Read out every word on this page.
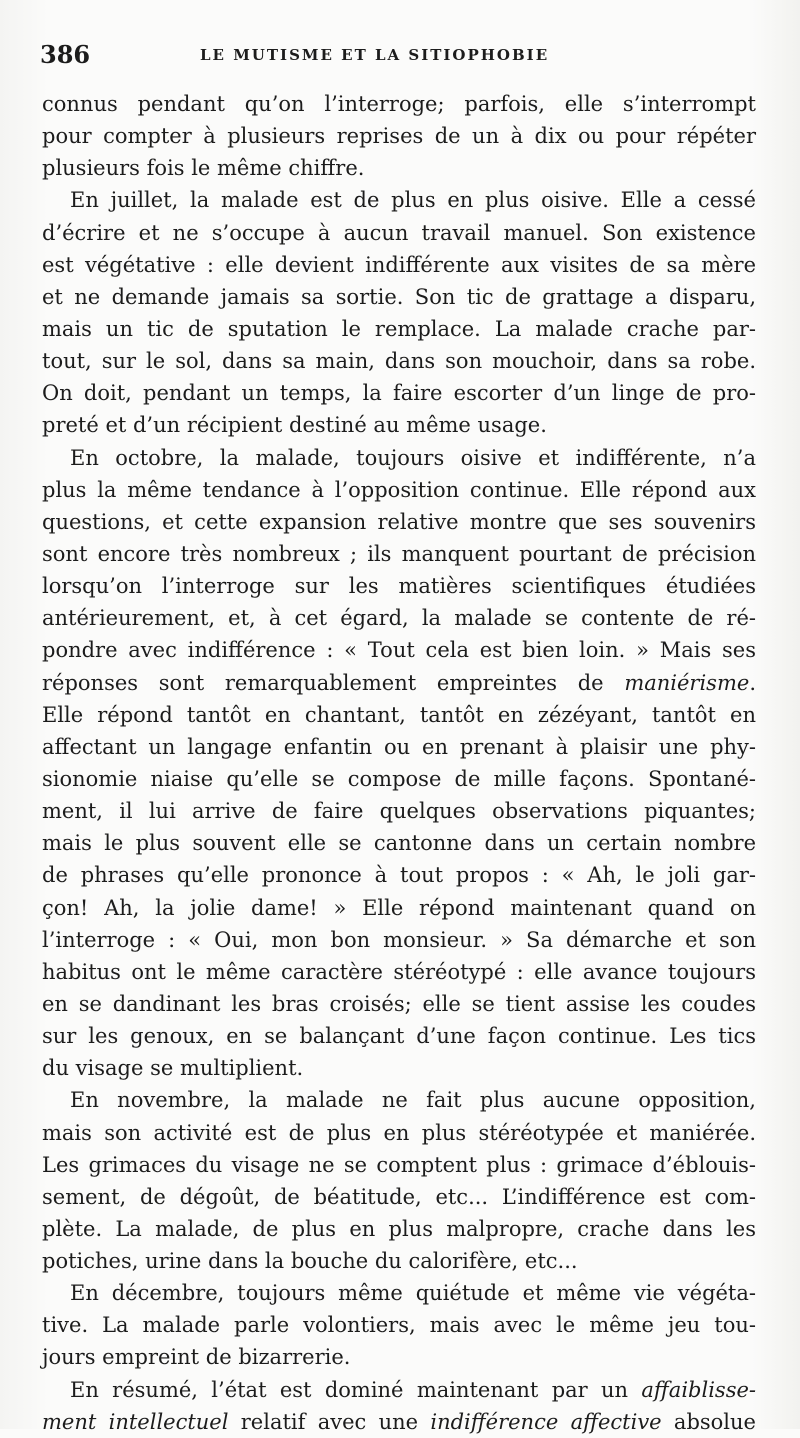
386	LE MUTISME ET LA SITIOPHOBIE
connus pendant qu’on l’interroge; parfois, elle s’interrompt
pour compter à plusieurs reprises de un à dix ou pour répéter
plusieurs fois le même chiffre.
En juillet, la malade est de plus en plus oisive. Elle a cessé
d’écrire et ne s’occupe à aucun travail manuel. Son existence
est végétative : elle devient indifférente aux visites de sa mère
et ne demande jamais sa sortie. Son tic de grattage a disparu,
mais un tic de sputation le remplace. La malade crache par-
tout, sur le sol, dans sa main, dans son mouchoir, dans sa robe.
On doit, pendant un temps, la faire escorter d’un linge de pro-
preté et d’un récipient destiné au même usage.
En octobre, la malade, toujours oisive et indifférente, n’a
plus la même tendance à l’opposition continue. Elle répond aux
questions, et cette expansion relative montre que ses souvenirs
sont encore très nombreux ; ils manquent pourtant de précision
lorsqu’on l’interroge sur les matières scientifiques étudiées
antérieurement, et, à cet égard, la malade se contente de ré-
pondre avec indifférence : « Tout cela est bien loin. » Mais ses
réponses sont remarquablement empreintes de maniérisme.
Elle répond tantôt en chantant, tantôt en zézéyant, tantôt en
affectant un langage enfantin ou en prenant à plaisir une phy-
sionomie niaise qu’elle se compose de mille façons. Spontané-
ment, il lui arrive de faire quelques observations piquantes;
mais le plus souvent elle se cantonne dans un certain nombre
de phrases qu’elle prononce à tout propos : « Ah, le joli gar-
çon! Ah, la jolie dame! » Elle répond maintenant quand on
l’interroge : « Oui, mon bon monsieur. » Sa démarche et son
habitus ont le même caractère stéréotypé : elle avance toujours
en se dandinant les bras croisés; elle se tient assise les coudes
sur les genoux, en se balançant d’une façon continue. Les tics
du visage se multiplient.
En novembre, la malade ne fait plus aucune opposition,
mais son activité est de plus en plus stéréotypée et maniérée.
Les grimaces du visage ne se comptent plus : grimace d’éblouis-
sement, de dégoût, de béatitude, etc... L’indifférence est com-
plète. La malade, de plus en plus malpropre, crache dans les
potiches, urine dans la bouche du calorifère, etc...
En décembre, toujours même quiétude et même vie végéta-
tive. La malade parle volontiers, mais avec le même jeu tou-
jours empreint de bizarrerie.
En résumé, l’état est dominé maintenant par un affaiblisse-
ment intellectuel relatif avec une indifférence affective absolue
